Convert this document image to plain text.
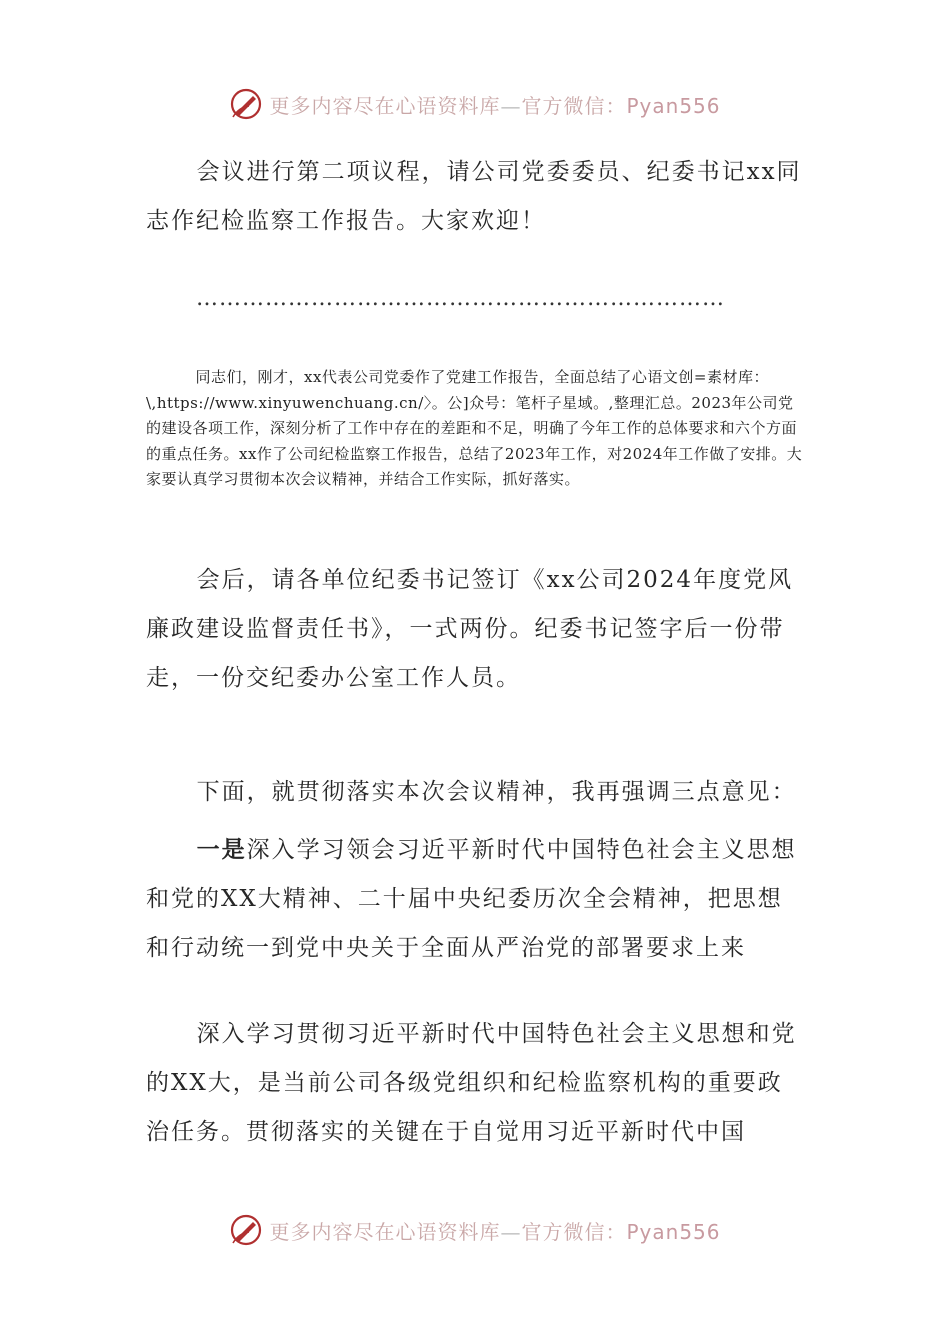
更多内容尽在心语资料库—官方微信：Pyan556
会议进行第二项议程，请公司党委委员、纪委书记xx同志作纪检监察工作报告。大家欢迎！
……………………………………………………………
同志们，刚才，xx代表公司党委作了党建工作报告，全面总结了心语文创=素材库：\,https://www.xinyuwenchuang.cn/〉。公]众号：笔杆子星域。,整理汇总。2023年公司党的建设各项工作，深刻分析了工作中存在的差距和不足，明确了今年工作的总体要求和六个方面的重点任务。xx作了公司纪检监察工作报告，总结了2023年工作，对2024年工作做了安排。大家要认真学习贯彻本次会议精神，并结合工作实际，抓好落实。
会后，请各单位纪委书记签订《xx公司2024年度党风廉政建设监督责任书》，一式两份。纪委书记签字后一份带走，一份交纪委办公室工作人员。
下面，就贯彻落实本次会议精神，我再强调三点意见：
一是深入学习领会习近平新时代中国特色社会主义思想和党的XX大精神、二十届中央纪委历次全会精神，把思想和行动统一到党中央关于全面从严治党的部署要求上来
深入学习贯彻习近平新时代中国特色社会主义思想和党的XX大，是当前公司各级党组织和纪检监察机构的重要政治任务。贯彻落实的关键在于自觉用习近平新时代中国
更多内容尽在心语资料库—官方微信：Pyan556
